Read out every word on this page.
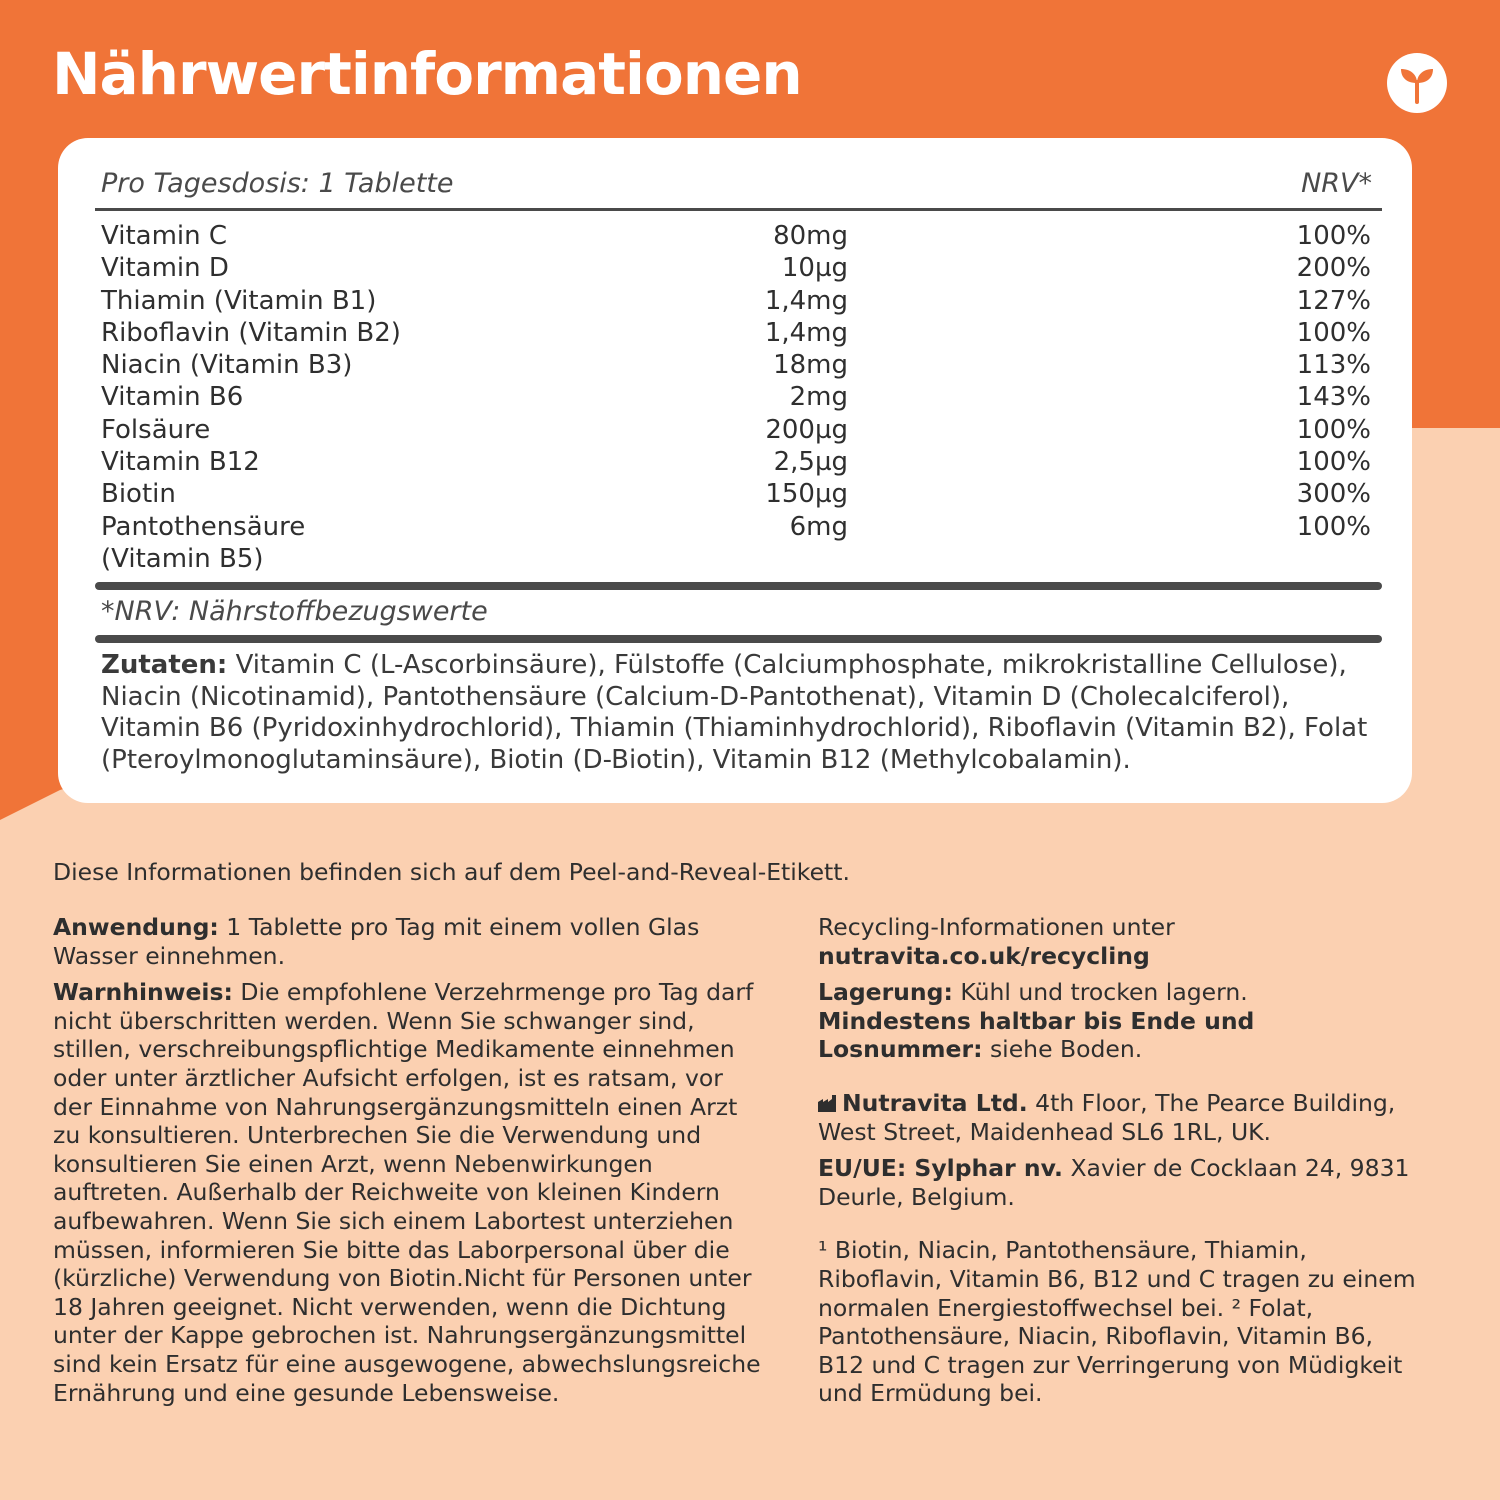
Nährwertinformationen
Pro Tagesdosis: 1 Tablette	NRV*
Vitamin C	80mg	100%
Vitamin D	10µg	200%
Thiamin (Vitamin B1)	1,4mg	127%
Riboflavin (Vitamin B2)	1,4mg	100%
Niacin (Vitamin B3)	18mg	113%
Vitamin B6	2mg	143%
Folsäure	200µg	100%
Vitamin B12	2,5µg	100%
Biotin	150µg	300%
Pantothensäure	6mg	100%
(Vitamin B5)
*NRV: Nährstoffbezugswerte
Zutaten: Vitamin C (L-Ascorbinsäure), Fülstoffe (Calciumphosphate, mikrokristalline Cellulose), Niacin (Nicotinamid), Pantothensäure (Calcium-D-Pantothenat), Vitamin D (Cholecalciferol), Vitamin B6 (Pyridoxinhydrochlorid), Thiamin (Thiaminhydrochlorid), Riboflavin (Vitamin B2), Folat (Pteroylmonoglutaminsäure), Biotin (D-Biotin), Vitamin B12 (Methylcobalamin).

Diese Informationen befinden sich auf dem Peel-and-Reveal-Etikett.

Anwendung: 1 Tablette pro Tag mit einem vollen Glas Wasser einnehmen.

Warnhinweis: Die empfohlene Verzehrmenge pro Tag darf nicht überschritten werden. Wenn Sie schwanger sind, stillen, verschreibungspflichtige Medikamente einnehmen oder unter ärztlicher Aufsicht erfolgen, ist es ratsam, vor der Einnahme von Nahrungsergänzungsmitteln einen Arzt zu konsultieren. Unterbrechen Sie die Verwendung und konsultieren Sie einen Arzt, wenn Nebenwirkungen auftreten. Außerhalb der Reichweite von kleinen Kindern aufbewahren. Wenn Sie sich einem Labortest unterziehen müssen, informieren Sie bitte das Laborpersonal über die (kürzliche) Verwendung von Biotin.Nicht für Personen unter 18 Jahren geeignet. Nicht verwenden, wenn die Dichtung unter der Kappe gebrochen ist. Nahrungsergänzungsmittel sind kein Ersatz für eine ausgewogene, abwechslungsreiche Ernährung und eine gesunde Lebensweise.

Recycling-Informationen unter
nutravita.co.uk/recycling

Lagerung: Kühl und trocken lagern.
Mindestens haltbar bis Ende und Losnummer: siehe Boden.

Nutravita Ltd. 4th Floor, The Pearce Building, West Street, Maidenhead SL6 1RL, UK.

EU/UE: Sylphar nv. Xavier de Cocklaan 24, 9831 Deurle, Belgium.

¹ Biotin, Niacin, Pantothensäure, Thiamin, Riboflavin, Vitamin B6, B12 und C tragen zu einem normalen Energiestoffwechsel bei. ² Folat, Pantothensäure, Niacin, Riboflavin, Vitamin B6, B12 und C tragen zur Verringerung von Müdigkeit und Ermüdung bei.
